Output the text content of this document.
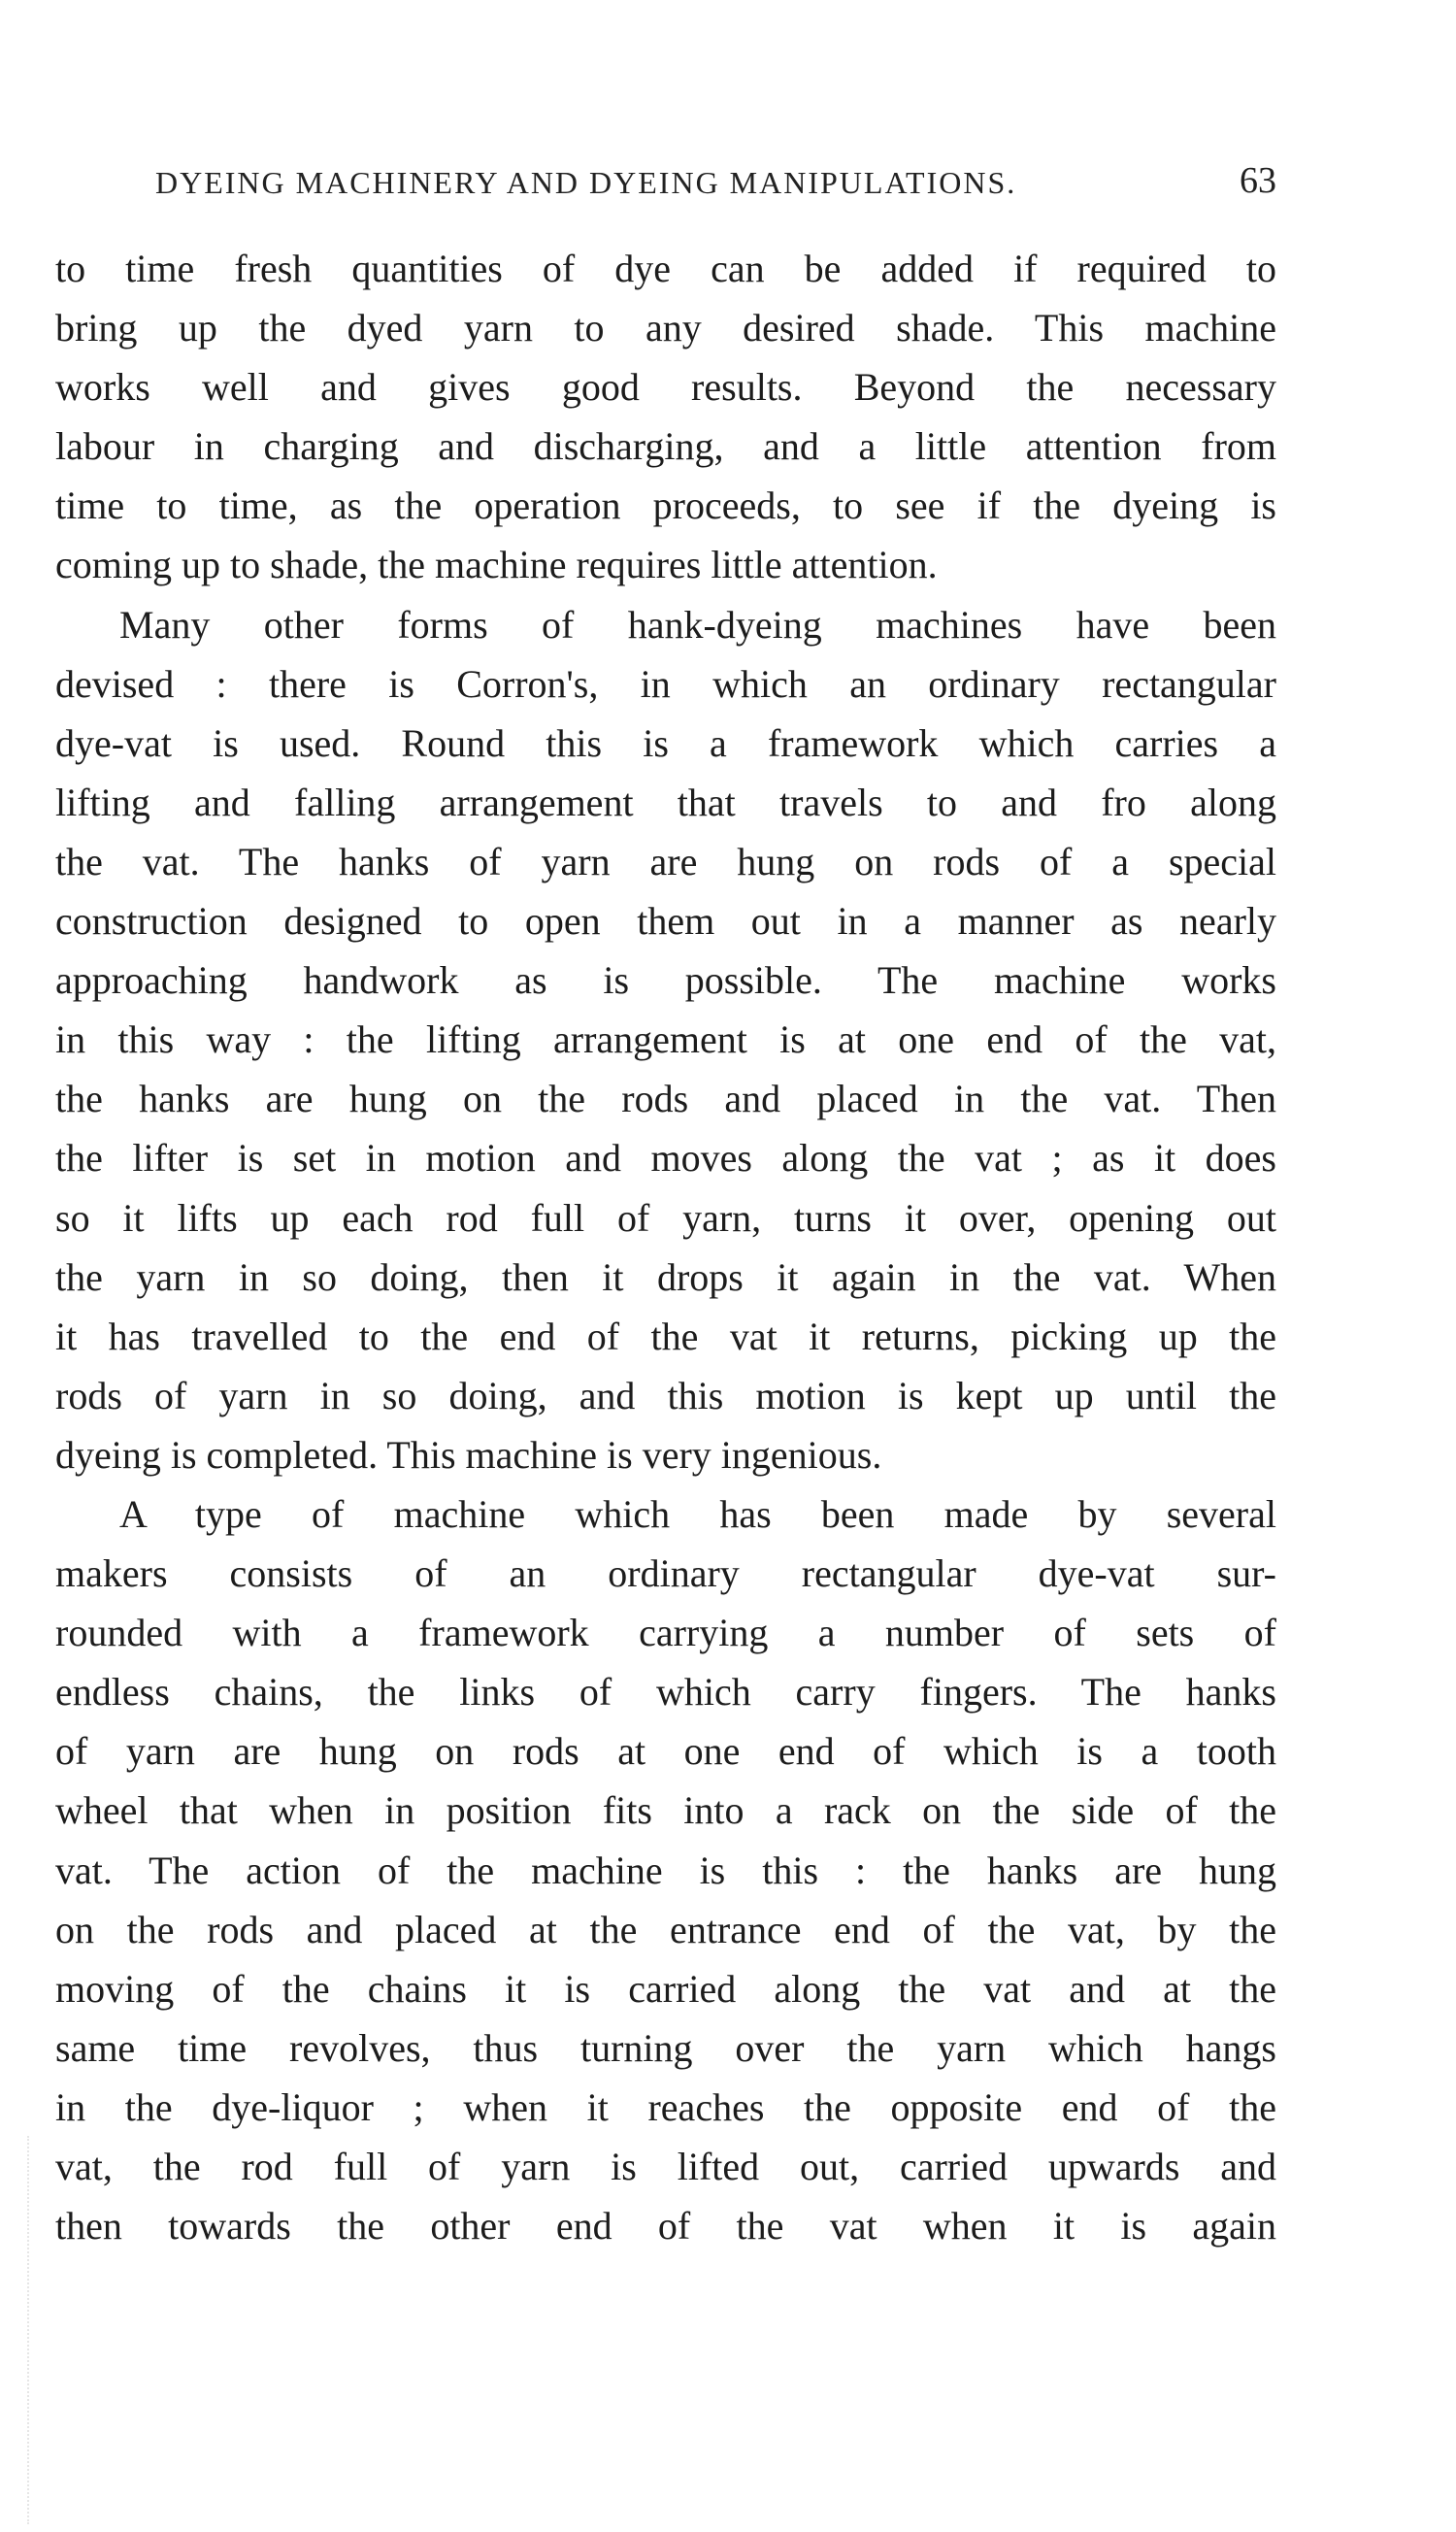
DYEING MACHINERY AND DYEING MANIPULATIONS.	63
to time fresh quantities of dye can be added if required to
bring up the dyed yarn to any desired shade. This machine
works well and gives good results. Beyond the necessary
labour in charging and discharging, and a little attention from
time to time, as the operation proceeds, to see if the dyeing is
coming up to shade, the machine requires little attention.
Many other forms of hank-dyeing machines have been
devised : there is Corron's, in which an ordinary rectangular
dye-vat is used. Round this is a framework which carries a
lifting and falling arrangement that travels to and fro along
the vat. The hanks of yarn are hung on rods of a special
construction designed to open them out in a manner as nearly
approaching handwork as is possible. The machine works
in this way : the lifting arrangement is at one end of the vat,
the hanks are hung on the rods and placed in the vat. Then
the lifter is set in motion and moves along the vat ; as it does
so it lifts up each rod full of yarn, turns it over, opening out
the yarn in so doing, then it drops it again in the vat. When
it has travelled to the end of the vat it returns, picking up the
rods of yarn in so doing, and this motion is kept up until the
dyeing is completed. This machine is very ingenious.
A type of machine which has been made by several
makers consists of an ordinary rectangular dye-vat sur-
rounded with a framework carrying a number of sets of
endless chains, the links of which carry fingers. The hanks
of yarn are hung on rods at one end of which is a tooth
wheel that when in position fits into a rack on the side of the
vat. The action of the machine is this : the hanks are hung
on the rods and placed at the entrance end of the vat, by the
moving of the chains it is carried along the vat and at the
same time revolves, thus turning over the yarn which hangs
in the dye-liquor ; when it reaches the opposite end of the
vat, the rod full of yarn is lifted out, carried upwards and
then towards the other end of the vat when it is again
